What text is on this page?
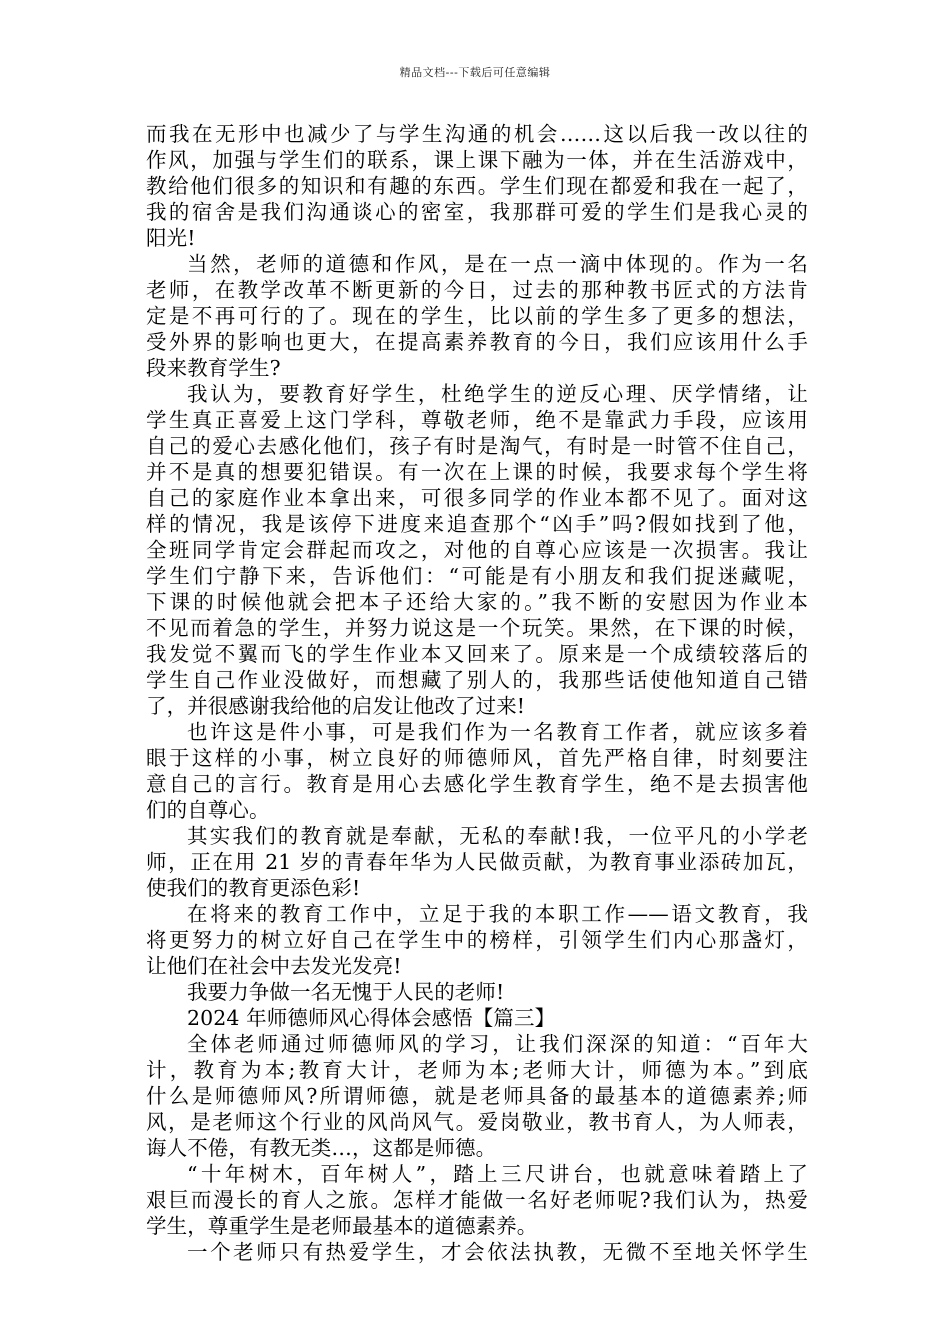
精品文档---下载后可任意编辑
而我在无形中也减少了与学生沟通的机会……这以后我一改以往的
作风，加强与学生们的联系，课上课下融为一体，并在生活游戏中，
教给他们很多的知识和有趣的东西。学生们现在都爱和我在一起了，
我的宿舍是我们沟通谈心的密室，我那群可爱的学生们是我心灵的
阳光!
当然，老师的道德和作风，是在一点一滴中体现的。作为一名
老师，在教学改革不断更新的今日，过去的那种教书匠式的方法肯
定是不再可行的了。现在的学生，比以前的学生多了更多的想法，
受外界的影响也更大，在提高素养教育的今日，我们应该用什么手
段来教育学生?
我认为，要教育好学生，杜绝学生的逆反心理、厌学情绪，让
学生真正喜爱上这门学科，尊敬老师，绝不是靠武力手段，应该用
自己的爱心去感化他们，孩子有时是淘气，有时是一时管不住自己，
并不是真的想要犯错误。有一次在上课的时候，我要求每个学生将
自己的家庭作业本拿出来，可很多同学的作业本都不见了。面对这
样的情况，我是该停下进度来追查那个“凶手”吗?假如找到了他，
全班同学肯定会群起而攻之，对他的自尊心应该是一次损害。我让
学生们宁静下来，告诉他们：“可能是有小朋友和我们捉迷藏呢，
下课的时候他就会把本子还给大家的。”我不断的安慰因为作业本
不见而着急的学生，并努力说这是一个玩笑。果然，在下课的时候，
我发觉不翼而飞的学生作业本又回来了。原来是一个成绩较落后的
学生自己作业没做好，而想藏了别人的，我那些话使他知道自己错
了，并很感谢我给他的启发让他改了过来!
也许这是件小事，可是我们作为一名教育工作者，就应该多着
眼于这样的小事，树立良好的师德师风，首先严格自律，时刻要注
意自己的言行。教育是用心去感化学生教育学生，绝不是去损害他
们的自尊心。
其实我们的教育就是奉献，无私的奉献!我，一位平凡的小学老
师，正在用 21 岁的青春年华为人民做贡献，为教育事业添砖加瓦，
使我们的教育更添色彩!
在将来的教育工作中，立足于我的本职工作——语文教育，我
将更努力的树立好自己在学生中的榜样，引领学生们内心那盏灯，
让他们在社会中去发光发亮!
我要力争做一名无愧于人民的老师!
2024 年师德师风心得体会感悟【篇三】
全体老师通过师德师风的学习，让我们深深的知道：“百年大
计，教育为本;教育大计，老师为本;老师大计，师德为本。”到底
什么是师德师风?所谓师德，就是老师具备的最基本的道德素养;师
风，是老师这个行业的风尚风气。爱岗敬业，教书育人，为人师表，
诲人不倦，有教无类…，这都是师德。
“十年树木，百年树人”，踏上三尺讲台，也就意味着踏上了
艰巨而漫长的育人之旅。怎样才能做一名好老师呢?我们认为，热爱
学生，尊重学生是老师最基本的道德素养。
一个老师只有热爱学生，才会依法执教，无微不至地关怀学生
